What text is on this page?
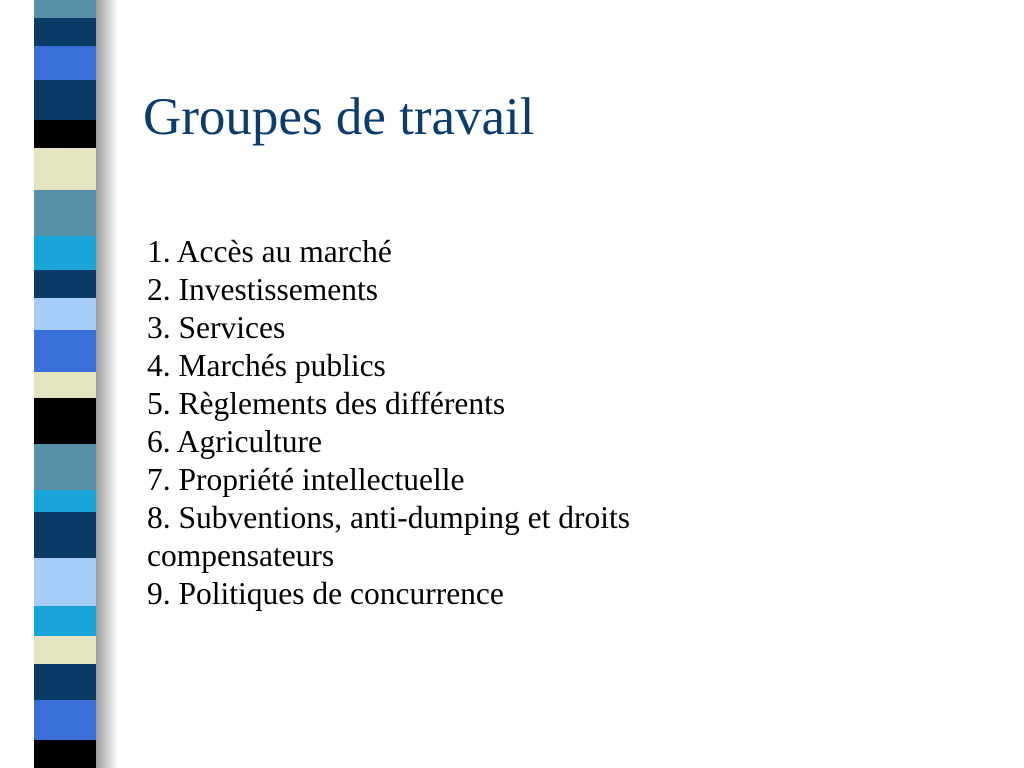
Groupes de travail
1. Accès au marché
2. Investissements
3. Services
4. Marchés publics
5. Règlements des différents
6. Agriculture
7. Propriété intellectuelle
8. Subventions, anti-dumping et droits compensateurs
9. Politiques de concurrence
